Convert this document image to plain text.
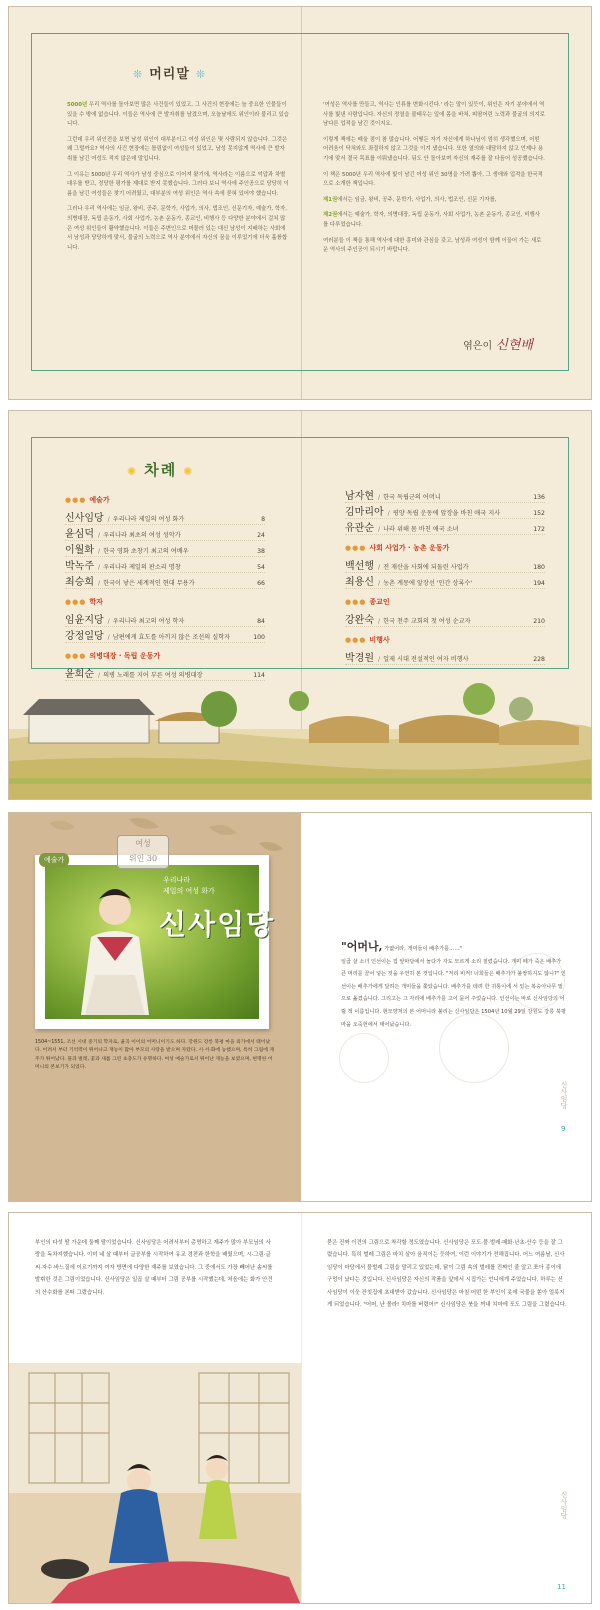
❊ 머리말 ❊

5000년 우리 역사를 돌아보면 많은 사건들이 있었고, 그 사건의 현장에는 늘 중요한 인물들이 있을 수 밖에 없습니다. 이들은 역사에 큰 발자취를 남겼으며, 오늘날에도 위인이라 불리고 있습니다.

그런데 우리 위인전을 보면 남성 위인이 대부분이고 여성 위인은 몇 사람되지 않습니다. 그것은 왜 그럴까요? 역사의 사건 현장에는 틀림없이 여성들이 있었고, 남성 못지않게 역사에 큰 발자취를 남긴 여성도 적지 않은데 말입니다.

그 이유는 5000년 우리 역사가 남성 중심으로 이어져 왔기에, 역사라는 이름으로 억압과 차별 대우를 받고, 정당한 평가를 제대로 받지 못했습니다. 그러다 보니 역사에 주인공으로 당당히 이름을 남긴 여성들은 찾기 어려웠고, 대부분의 여성 위인은 역사 속에 묻혀 있어야 했습니다.

그러나 우리 역사에는 임금, 왕비, 공주, 문학가, 사업가, 의사, 법조인, 신문기자, 예술가, 학자, 의병대장, 독립 운동가, 사회 사업가, 농촌 운동가, 종교인, 비행사 등 다양한 분야에서 걸쳐 많은 여성 위인들이 활약했습니다. 이들은 주변인으로 머물러 있는 대신 남성이 지배하는 사회에서 남성과 당당하게 맞서, 불굴의 노력으로 역사 분야에서 자신의 꿈을 이루었기에 더욱 훌륭합니다.

'여성은 역사를 만들고, 역사는 인류를 변화시킨다.' 라는 말이 있듯이, 위인은 자기 분야에서 역사를 빛낸 사람입니다. 자신의 정열을 불태우는 일에 몸을 바쳐, 피땀어린 노력과 불굴의 의지로 남다른 업적을 남긴 것이지요.

이렇게 책에는 배울 점이 참 많습니다. 어떻든 자기 자신에게 하나님이 엄히 생각했으며, 어떤 어려움이 닥쳐와도 좌절하지 않고 그것을 이겨 냈습니다. 또한 열의와 대담하지 않고 언제나 용기에 맞서 결국 목표를 이뤄냈습니다. 뒤도 안 돌아보며 자신의 재주를 잘 다듬어 성공했습니다.

이 책은 5000년 우리 역사에 빛이 남긴 여성 위인 30명을 가려 뽑아, 그 생애와 업적을 한국적으로 소개한 책입니다.

제1권에서는 임금, 왕비, 공주, 문학가, 사업가, 의사, 법조인, 신문 기자를,

제2권에서는 예술가, 학자, 의병대장, 독립 운동가, 사회 사업가, 농촌 운동가, 종교인, 비행사를 다루었습니다.

여러분들 이 책을 통해 역사에 대한 흥미와 관심을 갖고, 남성과 여성이 함께 이끌어 가는 새로운 역사의 주인공이 되시기 바랍니다.

엮은이 신현배
✺ 차례 ✺
●●● 예술가
신사임당 / 우리나라 제일의 여성 화가	8
윤심덕 / 우리나라 최초의 여성 성악가	24
이월화 / 한국 영화 초창기 최고의 여배우	38
박녹주 / 우리나라 제일의 판소리 명창	54
최승희 / 한국이 낳은 세계적인 현대 무용가	66
●●● 학자
임윤지당 / 우리나라 최고의 여성 학자	84
강정일당 / 남편에게 효도를 아끼지 않은 조선의 실학자	100
●●● 의병대장 · 독립 운동가
윤희순 / 의병 노래를 지어 부른 여성 의병대장	114
남자현 / 한국 독립군의 어머니	136
김마리아 / 평양 독립 운동에 앞장을 바친 애국 지사	152
유관순 / 나라 위해 몸 바친 애국 소녀	172
●●● 사회 사업가 · 농촌 운동가
백선행 / 전 재산을 사회에 되돌린 사업가	180
최용신 / 농촌 계몽에 앞장선 '인간 상록수'	194
●●● 종교인
강완숙 / 한국 천주 교회의 첫 여성 순교자	210
●●● 비행사
박경원 / 일제 시대 전설적인 여자 비행사	228
여성
위인 30
예술가
우리나라
제일의 여성 화가
신사임당
1504~1551, 조선 시대 중기의 학자로, 율곡 이이의 어머니이기도 하다. 강원도 강릉 북평 마을 외가에서 태어났다. 어려서 부터 기억력이 뛰어나고 재능이 많아 부모의 사랑을 받으며 자랐다. 시·서·화에 능했으며, 특히 그림에 재주가 뛰어났다. 풀과 벌레, 꽃과 새를 그린 초충도가 유명하다. 여성 예술가로서 뛰어난 재능을 보였으며, 현명한 어머니의 본보기가 되었다.
"어머나, 가엾어라, 개미들이 배추가를……"
일곱 살 소녀 인선이는 집 앞마당에서 놀다가 자도 모르게 소리 질렀습니다. 개미 떼가 죽은 배추가 큰 머리를 끌어 넣는 것을 우연히 본 것입니다. "저리 비켜! 너희들은 배추가가 불쌍하지도 않니?" 인선이는 배추가에게 달려든 개미들을 쫓았습니다. 배추가를 데려 한 귀퉁이에 서 있는 복숭아나무 밑으로 옮겼습니다. 그리고는 그 자리에 배추가를 고이 묻어 주었습니다. 인선이는 바로 신사임당의 어릴 적 이름입니다. 현모양처의 본 어머니라 불리는 신사임당은 1504년 10월 29일 강원도 강릉 북평 마을 오죽헌에서 태어났습니다.
신사임당
9
부인의 다섯 딸 가운데 둘째 딸이었습니다. 신사임당은 어려서부터 총명하고 재주가 많아 부모님의 사랑을 독차지했습니다. 이미 네 살 때부터 글공부를 시작하여 유교 경전과 한학을 배웠으며, 시·그림·글씨·자수·바느질에 이르기까지 여자 방면에 다양한 재주를 보였습니다. 그 중에서도 가장 빼어난 솜씨를 발휘한 것은 그림이었습니다. 신사임당은 일곱 살 때부터 그림 공부를 시작했는데, 처음에는 화가 안견의 산수화를 본떠 그렸습니다.
묻은 진짜 이견의 그림으로 착각할 정도였습니다. 신사임당은 포도·풀·벌레·매화·난초·산수 등을 잘 그렸습니다. 특히 벌레 그림은 마치 살아 움직이는 듯하여, 이런 이야기가 전해집니다. 어느 여름날, 신사임당이 마당에서 풀벌레 그림을 말리고 있었는데, 닭이 그림 속의 벌레를 진짜인 줄 알고 쪼아 종이에 구멍이 났다는 것입니다. 신사임당은 자신의 작품을 앞에서 시집가는 언니에게 주었습니다. 하루는 신사임당이 이웃 잔칫집에 초대받아 갔습니다. 신사임당은 마침 어떤 한 부인이 옷에 국물을 쏟아 얼룩지게 되었습니다. "어머, 난 몰라! 치마를 버렸어!" 신사임당은 붓을 꺼내 치마에 포도 그림을 그렸습니다.
신사임당
11
